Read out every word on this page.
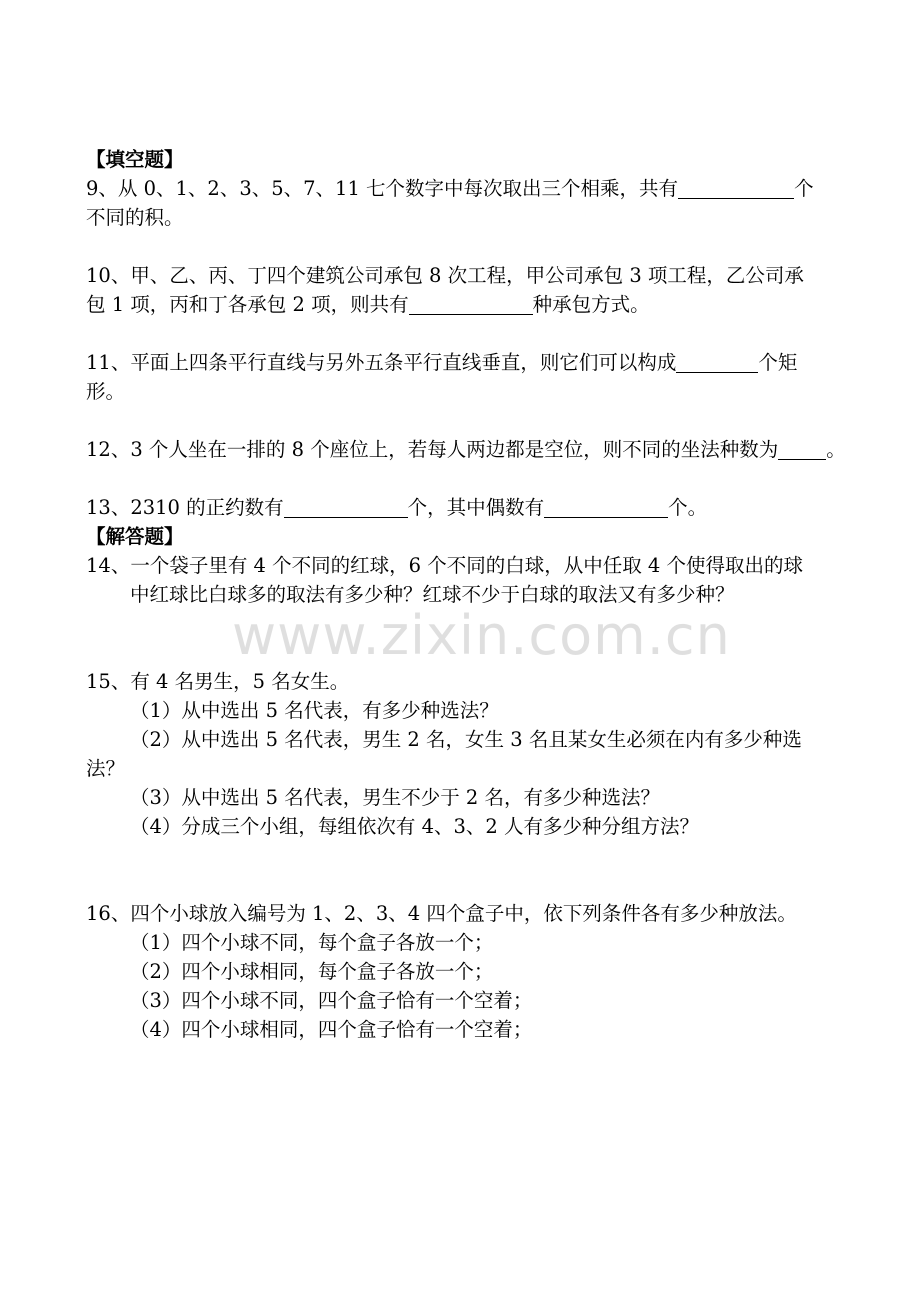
【填空题】
9、从 0、1、2、3、5、7、11 七个数字中每次取出三个相乘，共有	个
不同的积。
10、甲、乙、丙、丁四个建筑公司承包 8 次工程，甲公司承包 3 项工程，乙公司承
包 1 项，丙和丁各承包 2 项，则共有	种承包方式。
11、平面上四条平行直线与另外五条平行直线垂直，则它们可以构成	个矩
形。
12、3 个人坐在一排的 8 个座位上，若每人两边都是空位，则不同的坐法种数为 。
13、2310 的正约数有	个，其中偶数有	个。
【解答题】
14、一个袋子里有 4 个不同的红球，6 个不同的白球，从中任取 4 个使得取出的球
中红球比白球多的取法有多少种？红球不少于白球的取法又有多少种？
15、有 4 名男生，5 名女生。
（1）从中选出 5 名代表，有多少种选法？
（2）从中选出 5 名代表，男生 2 名，女生 3 名且某女生必须在内有多少种选
法？
（3）从中选出 5 名代表，男生不少于 2 名，有多少种选法？
（4）分成三个小组，每组依次有 4、3、2 人有多少种分组方法？
16、四个小球放入编号为 1、2、3、4 四个盒子中，依下列条件各有多少种放法。
（1）四个小球不同，每个盒子各放一个；
（2）四个小球相同，每个盒子各放一个；
（3）四个小球不同，四个盒子恰有一个空着；
（4）四个小球相同，四个盒子恰有一个空着；
www.zixin.com.cn
